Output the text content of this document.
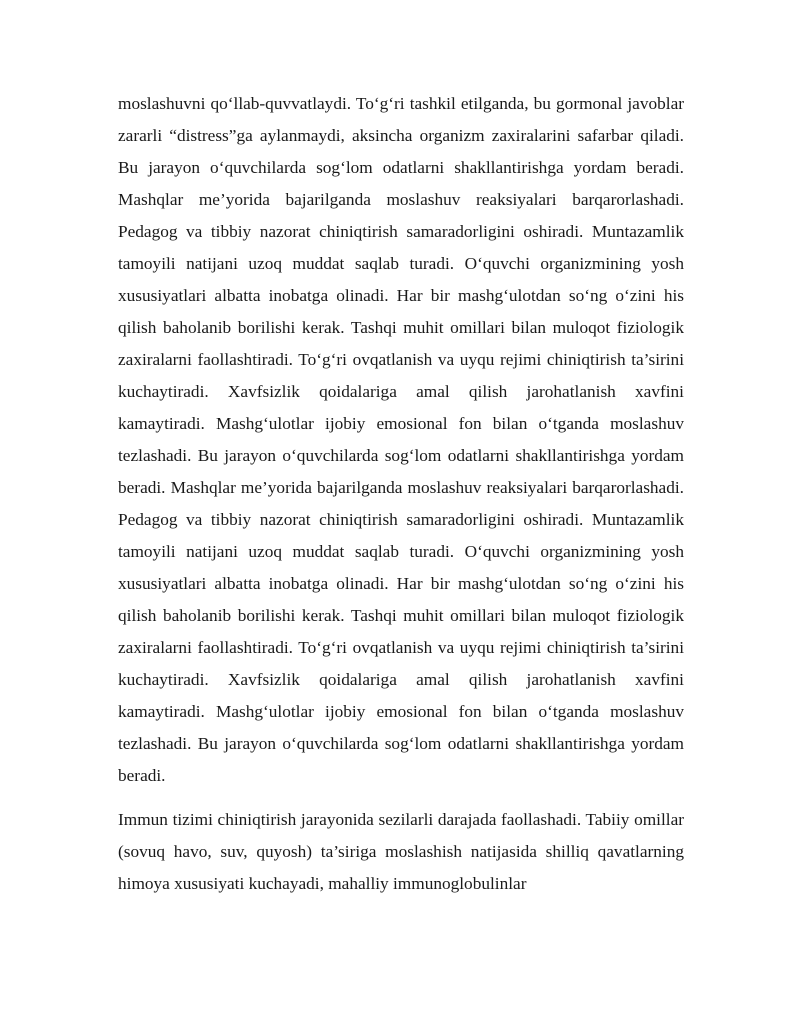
moslashuvni qo‘llab-quvvatlaydi. To‘g‘ri tashkil etilganda, bu gormonal javoblar zararli “distress”ga aylanmaydi, aksincha organizm zaxiralarini safarbar qiladi. Bu jarayon o‘quvchilarda sog‘lom odatlarni shakllantirishga yordam beradi. Mashqlar me’yorida bajarilganda moslashuv reaksiyalari barqarorlashadi. Pedagog va tibbiy nazorat chiniqtirish samaradorligini oshiradi. Muntazamlik tamoyili natijani uzoq muddat saqlab turadi. O‘quvchi organizmining yosh xususiyatlari albatta inobatga olinadi. Har bir mashg‘ulotdan so‘ng o‘zini his qilish baholanib borilishi kerak. Tashqi muhit omillari bilan muloqot fiziologik zaxiralarni faollashtiradi. To‘g‘ri ovqatlanish va uyqu rejimi chiniqtirish ta’sirini kuchaytiradi. Xavfsizlik qoidalariga amal qilish jarohatlanish xavfini kamaytiradi. Mashg‘ulotlar ijobiy emosional fon bilan o‘tganda moslashuv tezlashadi. Bu jarayon o‘quvchilarda sog‘lom odatlarni shakllantirishga yordam beradi. Mashqlar me’yorida bajarilganda moslashuv reaksiyalari barqarorlashadi. Pedagog va tibbiy nazorat chiniqtirish samaradorligini oshiradi. Muntazamlik tamoyili natijani uzoq muddat saqlab turadi. O‘quvchi organizmining yosh xususiyatlari albatta inobatga olinadi. Har bir mashg‘ulotdan so‘ng o‘zini his qilish baholanib borilishi kerak. Tashqi muhit omillari bilan muloqot fiziologik zaxiralarni faollashtiradi. To‘g‘ri ovqatlanish va uyqu rejimi chiniqtirish ta’sirini kuchaytiradi. Xavfsizlik qoidalariga amal qilish jarohatlanish xavfini kamaytiradi. Mashg‘ulotlar ijobiy emosional fon bilan o‘tganda moslashuv tezlashadi. Bu jarayon o‘quvchilarda sog‘lom odatlarni shakllantirishga yordam beradi.

Immun tizimi chiniqtirish jarayonida sezilarli darajada faollashadi. Tabiiy omillar (sovuq havo, suv, quyosh) ta’siriga moslashish natijasida shilliq qavatlarning himoya xususiyati kuchayadi, mahalliy immunoglobulinlar
